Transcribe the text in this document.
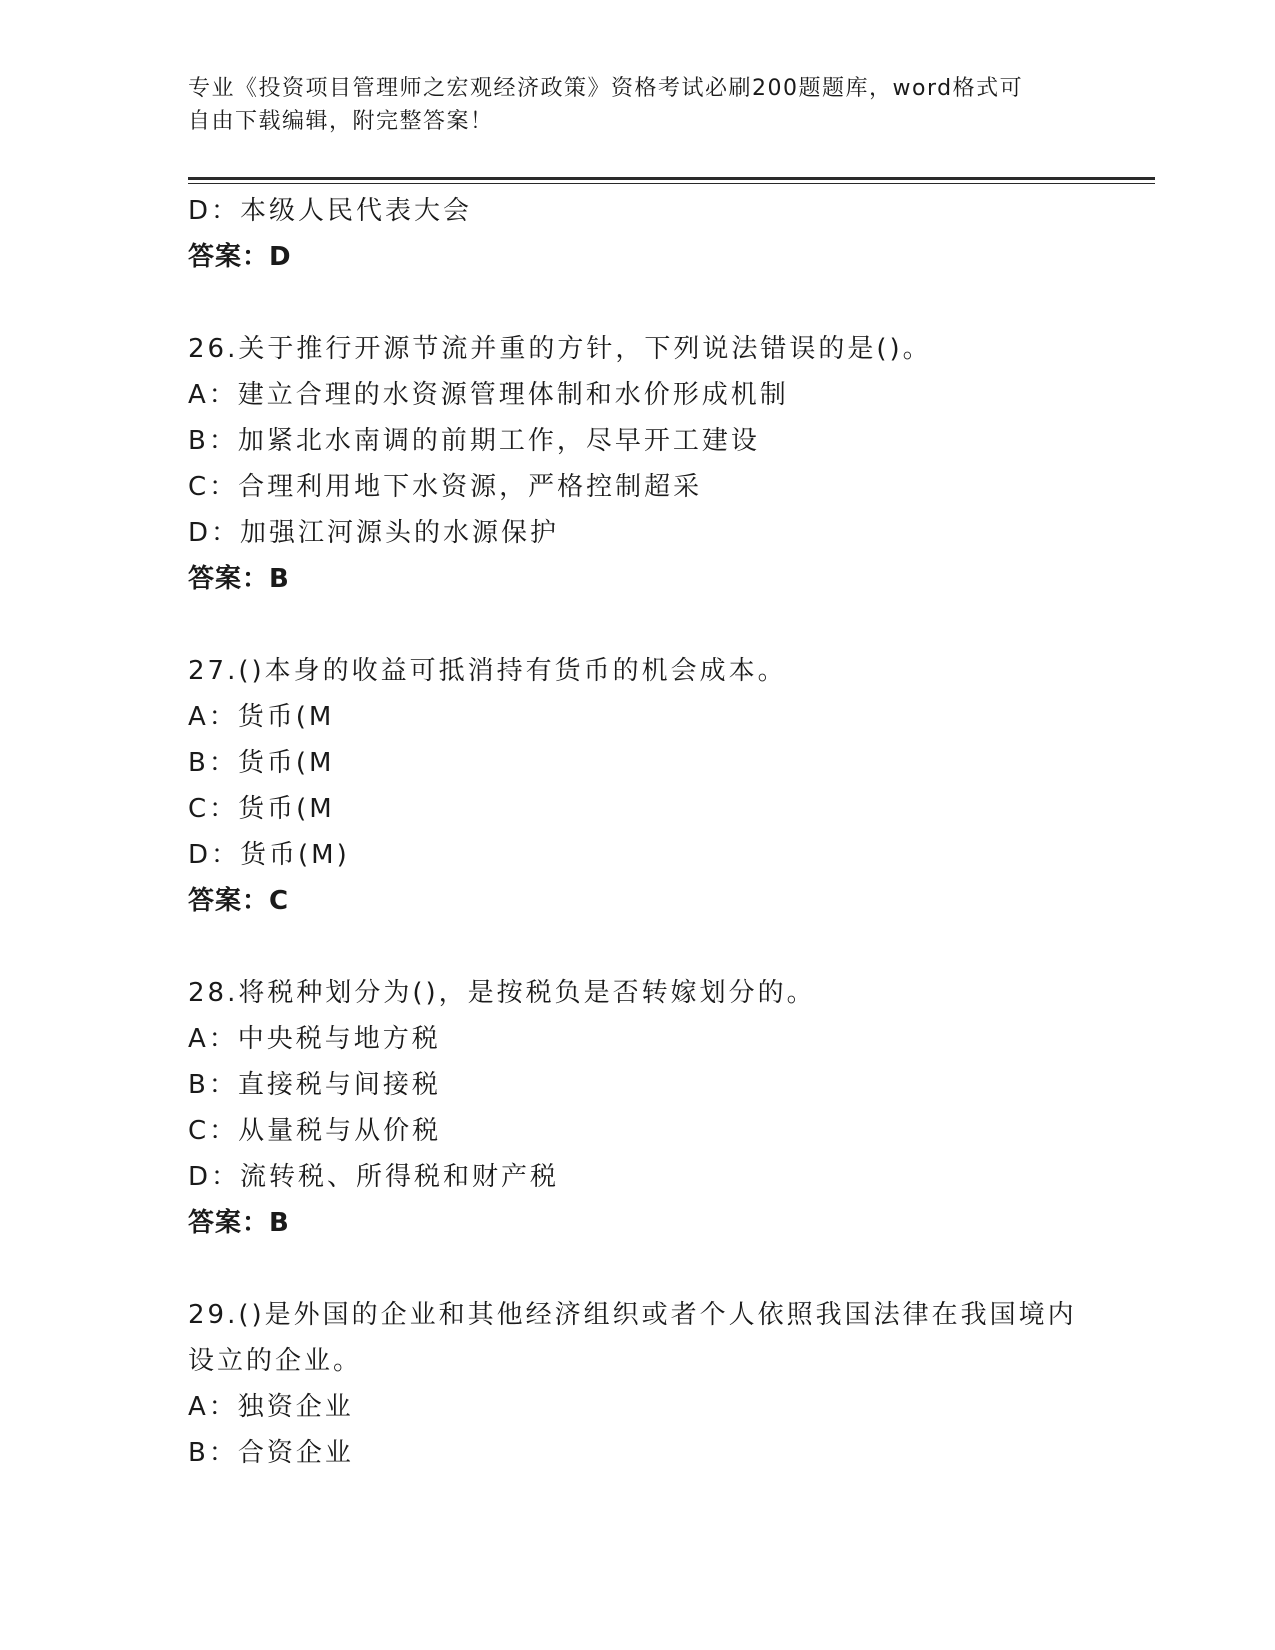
专业《投资项目管理师之宏观经济政策》资格考试必刷200题题库，word格式可
自由下载编辑，附完整答案！
D：本级人民代表大会
答案：D
26.关于推行开源节流并重的方针，下列说法错误的是()。
A：建立合理的水资源管理体制和水价形成机制
B：加紧北水南调的前期工作，尽早开工建设
C：合理利用地下水资源，严格控制超采
D：加强江河源头的水源保护
答案：B
27.()本身的收益可抵消持有货币的机会成本。
A：货币(M
B：货币(M
C：货币(M
D：货币(M)
答案：C
28.将税种划分为()，是按税负是否转嫁划分的。
A：中央税与地方税
B：直接税与间接税
C：从量税与从价税
D：流转税、所得税和财产税
答案：B
29.()是外国的企业和其他经济组织或者个人依照我国法律在我国境内
设立的企业。
A：独资企业
B：合资企业
